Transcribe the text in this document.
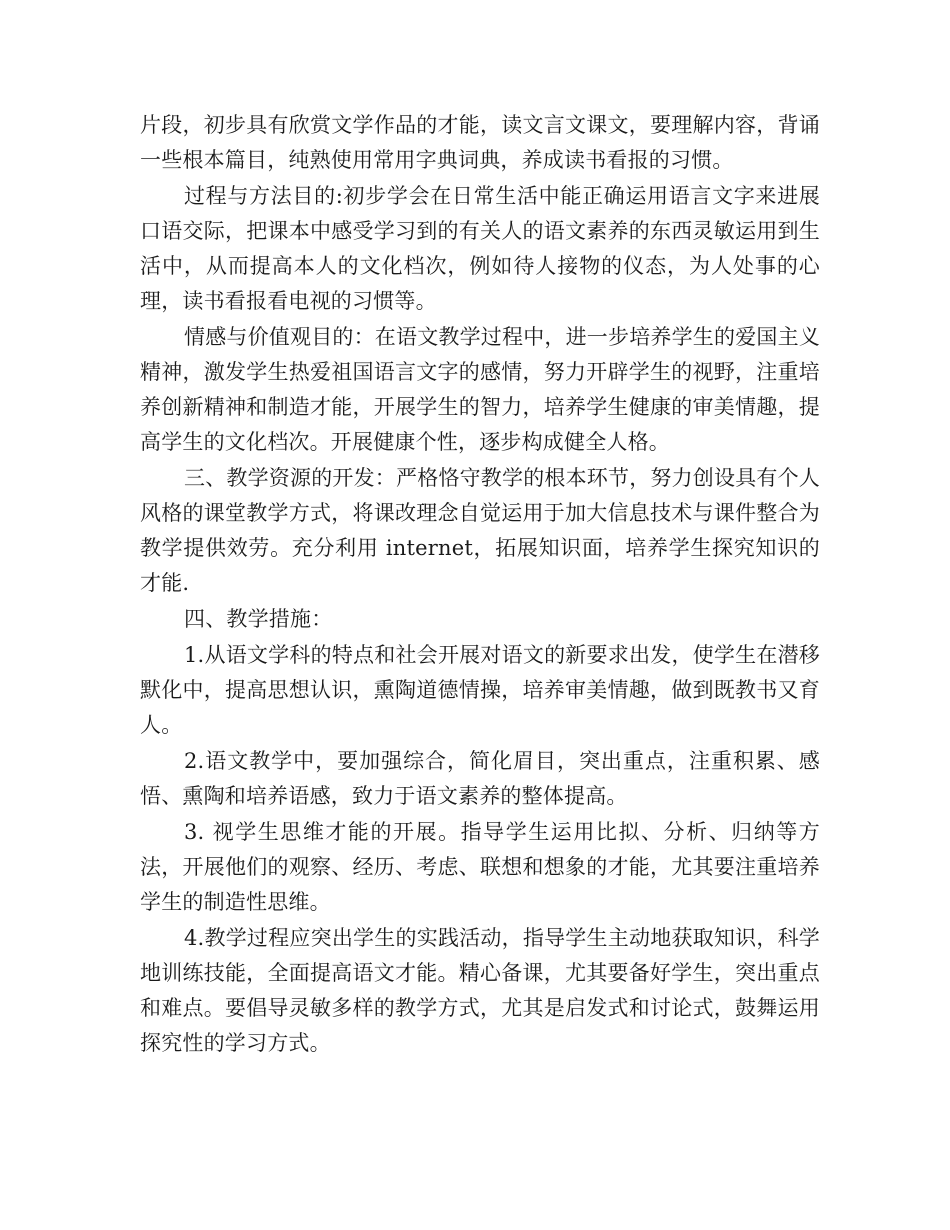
片段，初步具有欣赏文学作品的才能，读文言文课文，要理解内容，背诵一些根本篇目，纯熟使用常用字典词典，养成读书看报的习惯。

过程与方法目的:初步学会在日常生活中能正确运用语言文字来进展口语交际，把课本中感受学习到的有关人的语文素养的东西灵敏运用到生活中，从而提高本人的文化档次，例如待人接物的仪态，为人处事的心理，读书看报看电视的习惯等。

情感与价值观目的：在语文教学过程中，进一步培养学生的爱国主义精神，激发学生热爱祖国语言文字的感情，努力开辟学生的视野，注重培养创新精神和制造才能，开展学生的智力，培养学生健康的审美情趣，提高学生的文化档次。开展健康个性，逐步构成健全人格。

三、教学资源的开发：严格恪守教学的根本环节，努力创设具有个人风格的课堂教学方式，将课改理念自觉运用于加大信息技术与课件整合为教学提供效劳。充分利用 internet，拓展知识面，培养学生探究知识的才能.

四、教学措施：

1.从语文学科的特点和社会开展对语文的新要求出发，使学生在潜移默化中，提高思想认识，熏陶道德情操，培养审美情趣，做到既教书又育人。

2.语文教学中，要加强综合，简化眉目，突出重点，注重积累、感悟、熏陶和培养语感，致力于语文素养的整体提高。

3. 视学生思维才能的开展。指导学生运用比拟、分析、归纳等方法，开展他们的观察、经历、考虑、联想和想象的才能，尤其要注重培养学生的制造性思维。

4.教学过程应突出学生的实践活动，指导学生主动地获取知识，科学地训练技能，全面提高语文才能。精心备课，尤其要备好学生，突出重点和难点。要倡导灵敏多样的教学方式，尤其是启发式和讨论式，鼓舞运用探究性的学习方式。
